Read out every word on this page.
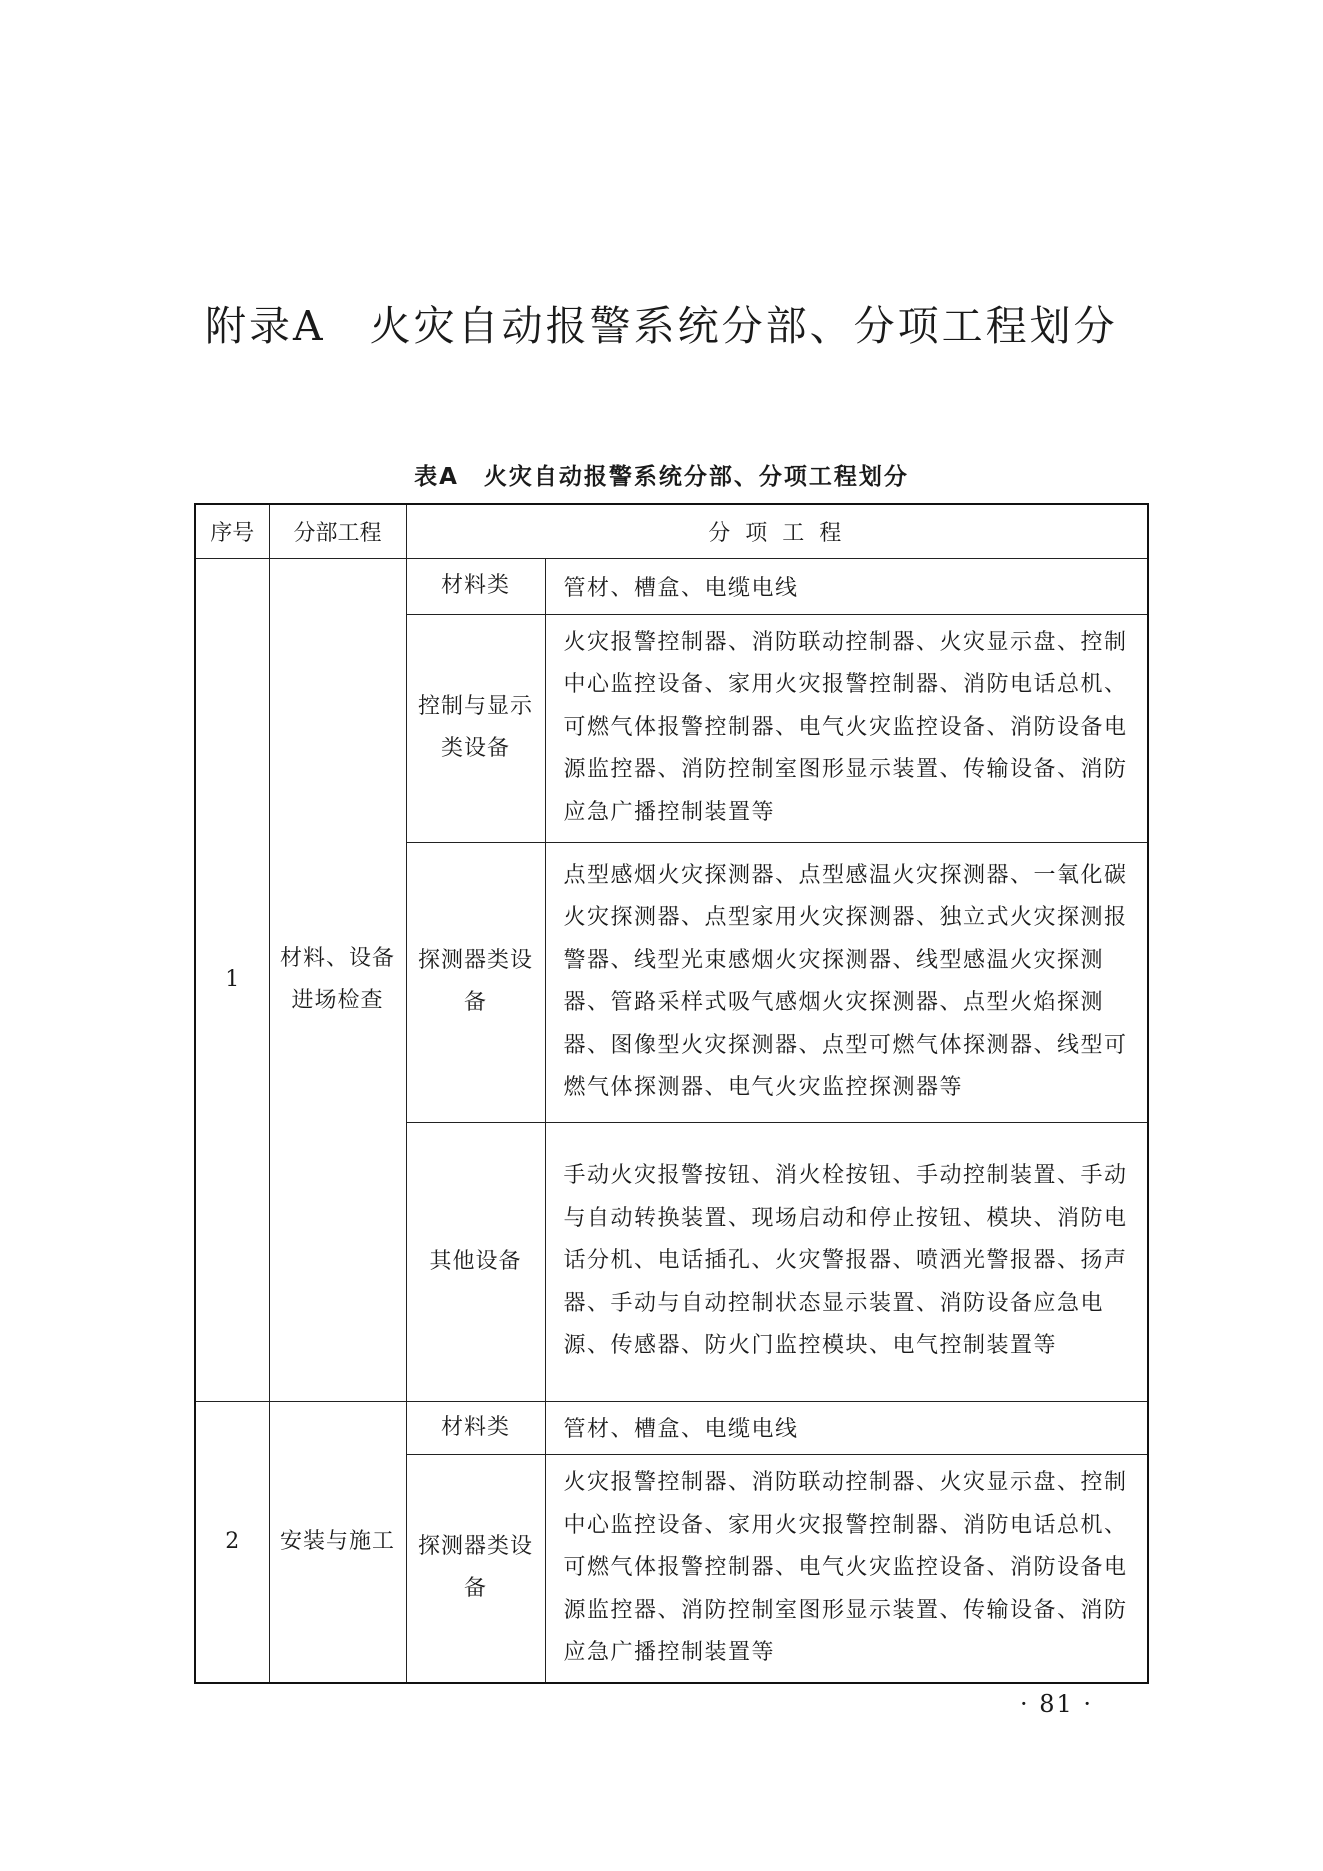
附录A　火灾自动报警系统分部、分项工程划分
表A　火灾自动报警系统分部、分项工程划分
序号	分部工程	分 项 工 程	
1	材料、设备进场检查	材料类	管材、槽盒、电缆电线
		控制与显示类设备	火灾报警控制器、消防联动控制器、火灾显示盘、控制中心监控设备、家用火灾报警控制器、消防电话总机、可燃气体报警控制器、电气火灾监控设备、消防设备电源监控器、消防控制室图形显示装置、传输设备、消防应急广播控制装置等
		探测器类设备	点型感烟火灾探测器、点型感温火灾探测器、一氧化碳火灾探测器、点型家用火灾探测器、独立式火灾探测报警器、线型光束感烟火灾探测器、线型感温火灾探测器、管路采样式吸气感烟火灾探测器、点型火焰探测器、图像型火灾探测器、点型可燃气体探测器、线型可燃气体探测器、电气火灾监控探测器等
		其他设备	手动火灾报警按钮、消火栓按钮、手动控制装置、手动与自动转换装置、现场启动和停止按钮、模块、消防电话分机、电话插孔、火灾警报器、喷洒光警报器、扬声器、手动与自动控制状态显示装置、消防设备应急电源、传感器、防火门监控模块、电气控制装置等
2	安装与施工	材料类	管材、槽盒、电缆电线
		探测器类设备	火灾报警控制器、消防联动控制器、火灾显示盘、控制中心监控设备、家用火灾报警控制器、消防电话总机、可燃气体报警控制器、电气火灾监控设备、消防设备电源监控器、消防控制室图形显示装置、传输设备、消防应急广播控制装置等
· 81 ·
